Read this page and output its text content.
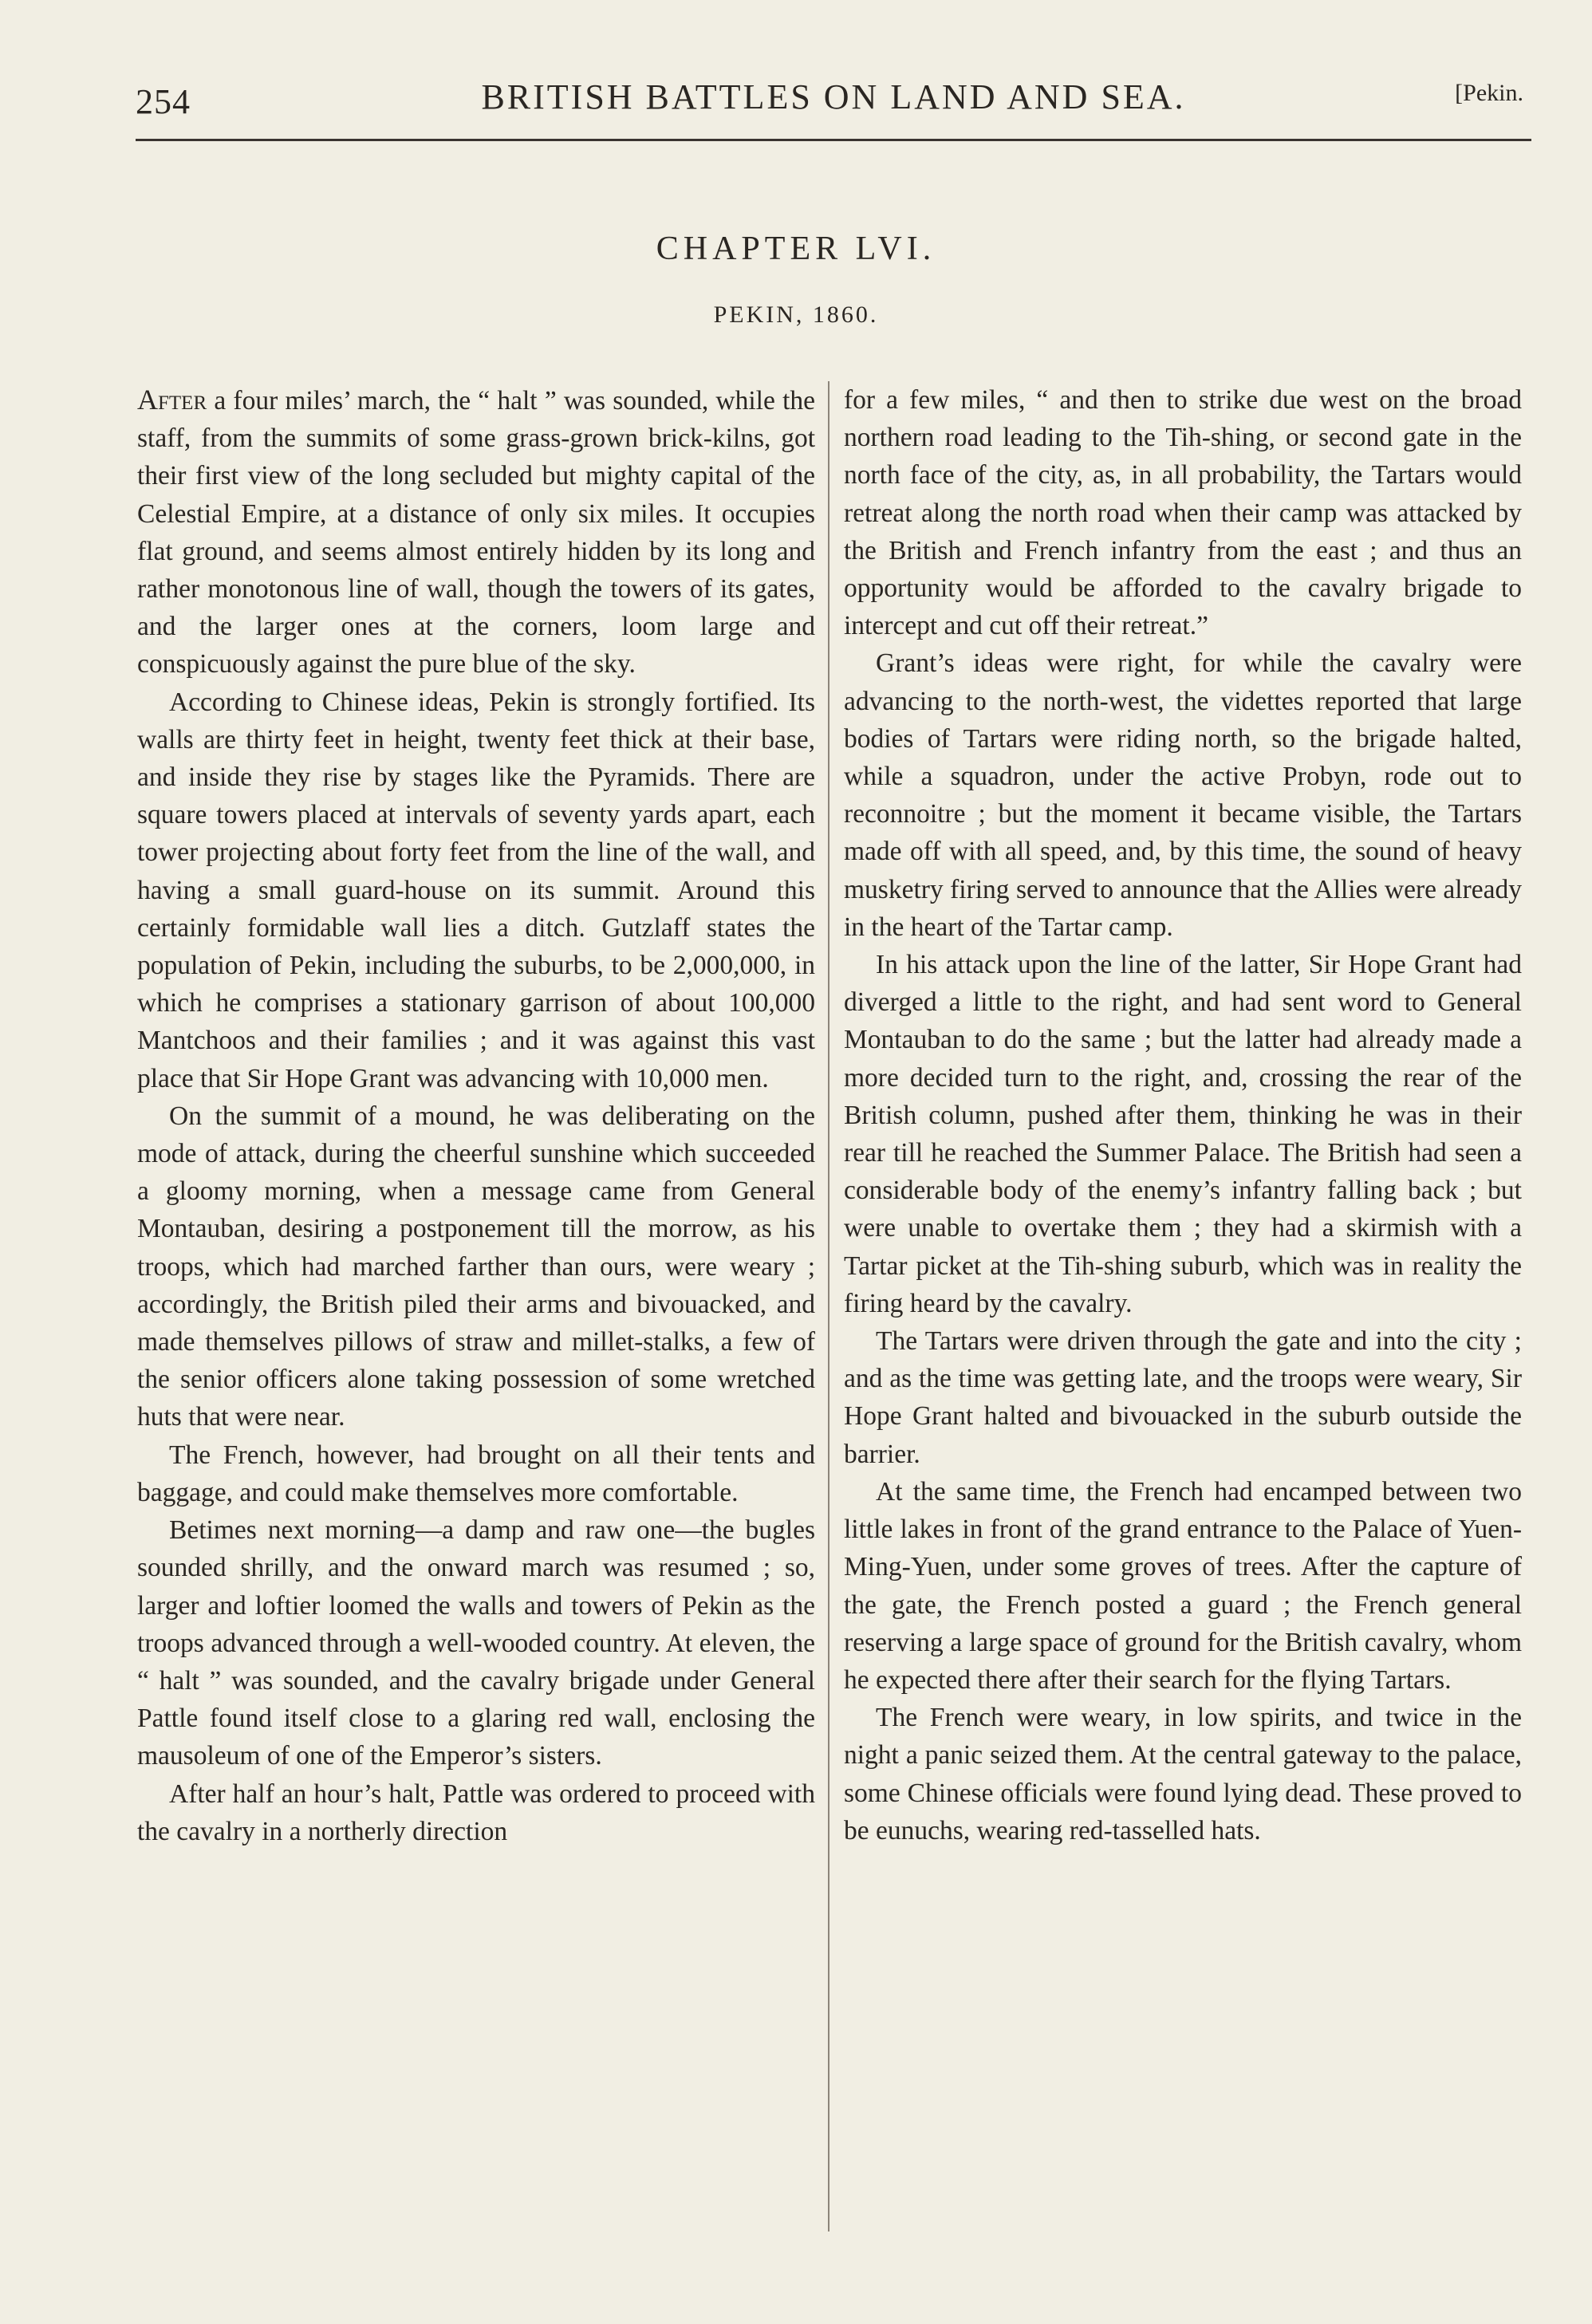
254	BRITISH BATTLES ON LAND AND SEA.	[Pekin.
CHAPTER LVI.
PEKIN, 1860.

After a four miles’ march, the “ halt ” was sounded, while the staff, from the summits of some grass-grown brick-kilns, got their first view of the long secluded but mighty capital of the Celestial Empire, at a distance of only six miles. It occupies flat ground, and seems almost entirely hidden by its long and rather monotonous line of wall, though the towers of its gates, and the larger ones at the corners, loom large and conspicuously against the pure blue of the sky.

According to Chinese ideas, Pekin is strongly fortified. Its walls are thirty feet in height, twenty feet thick at their base, and inside they rise by stages like the Pyramids. There are square towers placed at intervals of seventy yards apart, each tower projecting about forty feet from the line of the wall, and having a small guard-house on its summit. Around this certainly formidable wall lies a ditch. Gutzlaff states the population of Pekin, including the suburbs, to be 2,000,000, in which he comprises a stationary garrison of about 100,000 Mantchoos and their families ; and it was against this vast place that Sir Hope Grant was advancing with 10,000 men.

On the summit of a mound, he was deliberating on the mode of attack, during the cheerful sunshine which succeeded a gloomy morning, when a message came from General Montauban, desiring a postponement till the morrow, as his troops, which had marched farther than ours, were weary ; accordingly, the British piled their arms and bivouacked, and made themselves pillows of straw and millet-stalks, a few of the senior officers alone taking possession of some wretched huts that were near.

The French, however, had brought on all their tents and baggage, and could make themselves more comfortable.

Betimes next morning—a damp and raw one—the bugles sounded shrilly, and the onward march was resumed ; so, larger and loftier loomed the walls and towers of Pekin as the troops advanced through a well-wooded country. At eleven, the “ halt ” was sounded, and the cavalry brigade under General Pattle found itself close to a glaring red wall, enclosing the mausoleum of one of the Emperor’s sisters.

After half an hour’s halt, Pattle was ordered to proceed with the cavalry in a northerly direction

for a few miles, “ and then to strike due west on the broad northern road leading to the Tih-shing, or second gate in the north face of the city, as, in all probability, the Tartars would retreat along the north road when their camp was attacked by the British and French infantry from the east ; and thus an opportunity would be afforded to the cavalry brigade to intercept and cut off their retreat.”

Grant’s ideas were right, for while the cavalry were advancing to the north-west, the videttes reported that large bodies of Tartars were riding north, so the brigade halted, while a squadron, under the active Probyn, rode out to reconnoitre ; but the moment it became visible, the Tartars made off with all speed, and, by this time, the sound of heavy musketry firing served to announce that the Allies were already in the heart of the Tartar camp.

In his attack upon the line of the latter, Sir Hope Grant had diverged a little to the right, and had sent word to General Montauban to do the same ; but the latter had already made a more decided turn to the right, and, crossing the rear of the British column, pushed after them, thinking he was in their rear till he reached the Summer Palace. The British had seen a considerable body of the enemy’s infantry falling back ; but were unable to overtake them ; they had a skirmish with a Tartar picket at the Tih-shing suburb, which was in reality the firing heard by the cavalry.

The Tartars were driven through the gate and into the city ; and as the time was getting late, and the troops were weary, Sir Hope Grant halted and bivouacked in the suburb outside the barrier.

At the same time, the French had encamped between two little lakes in front of the grand entrance to the Palace of Yuen-Ming-Yuen, under some groves of trees. After the capture of the gate, the French posted a guard ; the French general reserving a large space of ground for the British cavalry, whom he expected there after their search for the flying Tartars.

The French were weary, in low spirits, and twice in the night a panic seized them. At the central gateway to the palace, some Chinese officials were found lying dead. These proved to be eunuchs, wearing red-tasselled hats.
